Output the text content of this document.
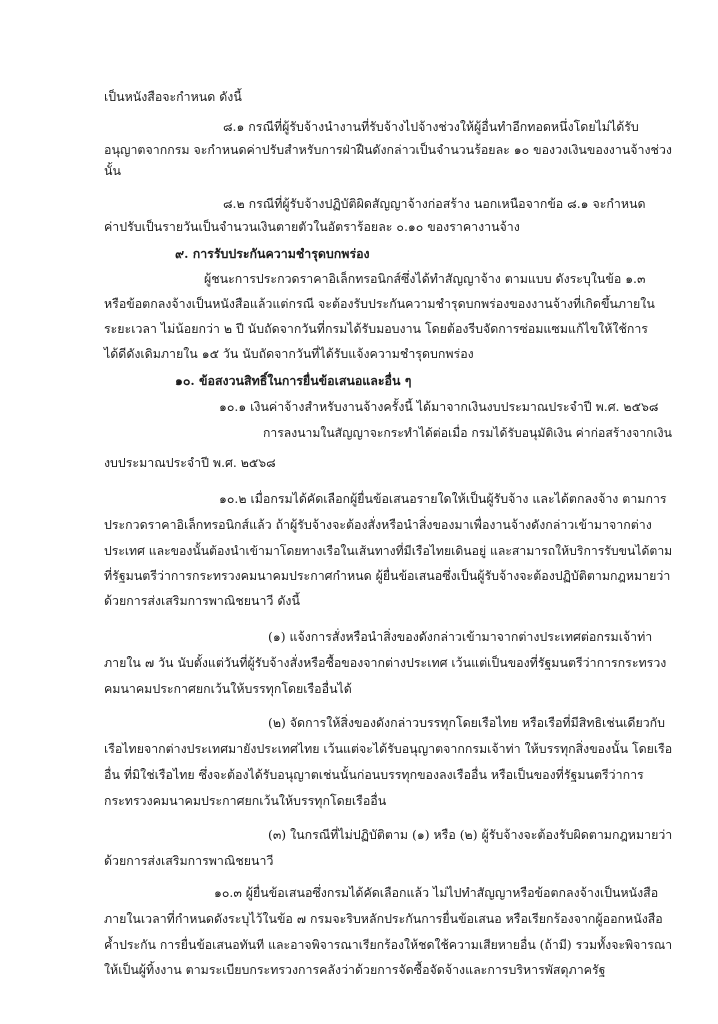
เป็นหนังสือจะกำหนด ดังนี้
๘.๑ กรณีที่ผู้รับจ้างนำงานที่รับจ้างไปจ้างช่วงให้ผู้อื่นทำอีกทอดหนึ่งโดยไม่ได้รับ
อนุญาตจากกรม จะกำหนดค่าปรับสำหรับการฝ่าฝืนดังกล่าวเป็นจำนวนร้อยละ ๑๐ ของวงเงินของงานจ้างช่วง
นั้น
๘.๒ กรณีที่ผู้รับจ้างปฏิบัติผิดสัญญาจ้างก่อสร้าง นอกเหนือจากข้อ ๘.๑ จะกำหนด
ค่าปรับเป็นรายวันเป็นจำนวนเงินตายตัวในอัตราร้อยละ ๐.๑๐ ของราคางานจ้าง
๙. การรับประกันความชำรุดบกพร่อง
ผู้ชนะการประกวดราคาอิเล็กทรอนิกส์ซึ่งได้ทำสัญญาจ้าง ตามแบบ ดังระบุในข้อ ๑.๓
หรือข้อตกลงจ้างเป็นหนังสือแล้วแต่กรณี จะต้องรับประกันความชำรุดบกพร่องของงานจ้างที่เกิดขึ้นภายใน
ระยะเวลา ไม่น้อยกว่า ๒ ปี นับถัดจากวันที่กรมได้รับมอบงาน โดยต้องรีบจัดการซ่อมแซมแก้ไขให้ใช้การ
ได้ดีดังเดิมภายใน ๑๕ วัน นับถัดจากวันที่ได้รับแจ้งความชำรุดบกพร่อง
๑๐. ข้อสงวนสิทธิ์ในการยื่นข้อเสนอและอื่น ๆ
๑๐.๑ เงินค่าจ้างสำหรับงานจ้างครั้งนี้ ได้มาจากเงินงบประมาณประจำปี พ.ศ. ๒๕๖๘
การลงนามในสัญญาจะกระทำได้ต่อเมื่อ กรมได้รับอนุมัติเงิน ค่าก่อสร้างจากเงิน
งบประมาณประจำปี พ.ศ. ๒๕๖๘
๑๐.๒ เมื่อกรมได้คัดเลือกผู้ยื่นข้อเสนอรายใดให้เป็นผู้รับจ้าง และได้ตกลงจ้าง ตามการ
ประกวดราคาอิเล็กทรอนิกส์แล้ว ถ้าผู้รับจ้างจะต้องสั่งหรือนำสิ่งของมาเพื่องานจ้างดังกล่าวเข้ามาจากต่าง
ประเทศ และของนั้นต้องนำเข้ามาโดยทางเรือในเส้นทางที่มีเรือไทยเดินอยู่ และสามารถให้บริการรับขนได้ตาม
ที่รัฐมนตรีว่าการกระทรวงคมนาคมประกาศกำหนด ผู้ยื่นข้อเสนอซึ่งเป็นผู้รับจ้างจะต้องปฏิบัติตามกฎหมายว่า
ด้วยการส่งเสริมการพาณิชยนาวี ดังนี้
(๑) แจ้งการสั่งหรือนำสิ่งของดังกล่าวเข้ามาจากต่างประเทศต่อกรมเจ้าท่า
ภายใน ๗ วัน นับตั้งแต่วันที่ผู้รับจ้างสั่งหรือซื้อของจากต่างประเทศ เว้นแต่เป็นของที่รัฐมนตรีว่าการกระทรวง
คมนาคมประกาศยกเว้นให้บรรทุกโดยเรืออื่นได้
(๒) จัดการให้สิ่งของดังกล่าวบรรทุกโดยเรือไทย หรือเรือที่มีสิทธิเช่นเดียวกับ
เรือไทยจากต่างประเทศมายังประเทศไทย เว้นแต่จะได้รับอนุญาตจากกรมเจ้าท่า ให้บรรทุกสิ่งของนั้น โดยเรือ
อื่น ที่มิใช่เรือไทย ซึ่งจะต้องได้รับอนุญาตเช่นนั้นก่อนบรรทุกของลงเรืออื่น หรือเป็นของที่รัฐมนตรีว่าการ
กระทรวงคมนาคมประกาศยกเว้นให้บรรทุกโดยเรืออื่น
(๓) ในกรณีที่ไม่ปฏิบัติตาม (๑) หรือ (๒) ผู้รับจ้างจะต้องรับผิดตามกฎหมายว่า
ด้วยการส่งเสริมการพาณิชยนาวี
๑๐.๓ ผู้ยื่นข้อเสนอซึ่งกรมได้คัดเลือกแล้ว ไม่ไปทำสัญญาหรือข้อตกลงจ้างเป็นหนังสือ
ภายในเวลาที่กำหนดดังระบุไว้ในข้อ ๗ กรมจะริบหลักประกันการยื่นข้อเสนอ หรือเรียกร้องจากผู้ออกหนังสือ
ค้ำประกัน การยื่นข้อเสนอทันที และอาจพิจารณาเรียกร้องให้ชดใช้ความเสียหายอื่น (ถ้ามี) รวมทั้งจะพิจารณา
ให้เป็นผู้ทิ้งงาน ตามระเบียบกระทรวงการคลังว่าด้วยการจัดซื้อจัดจ้างและการบริหารพัสดุภาครัฐ
